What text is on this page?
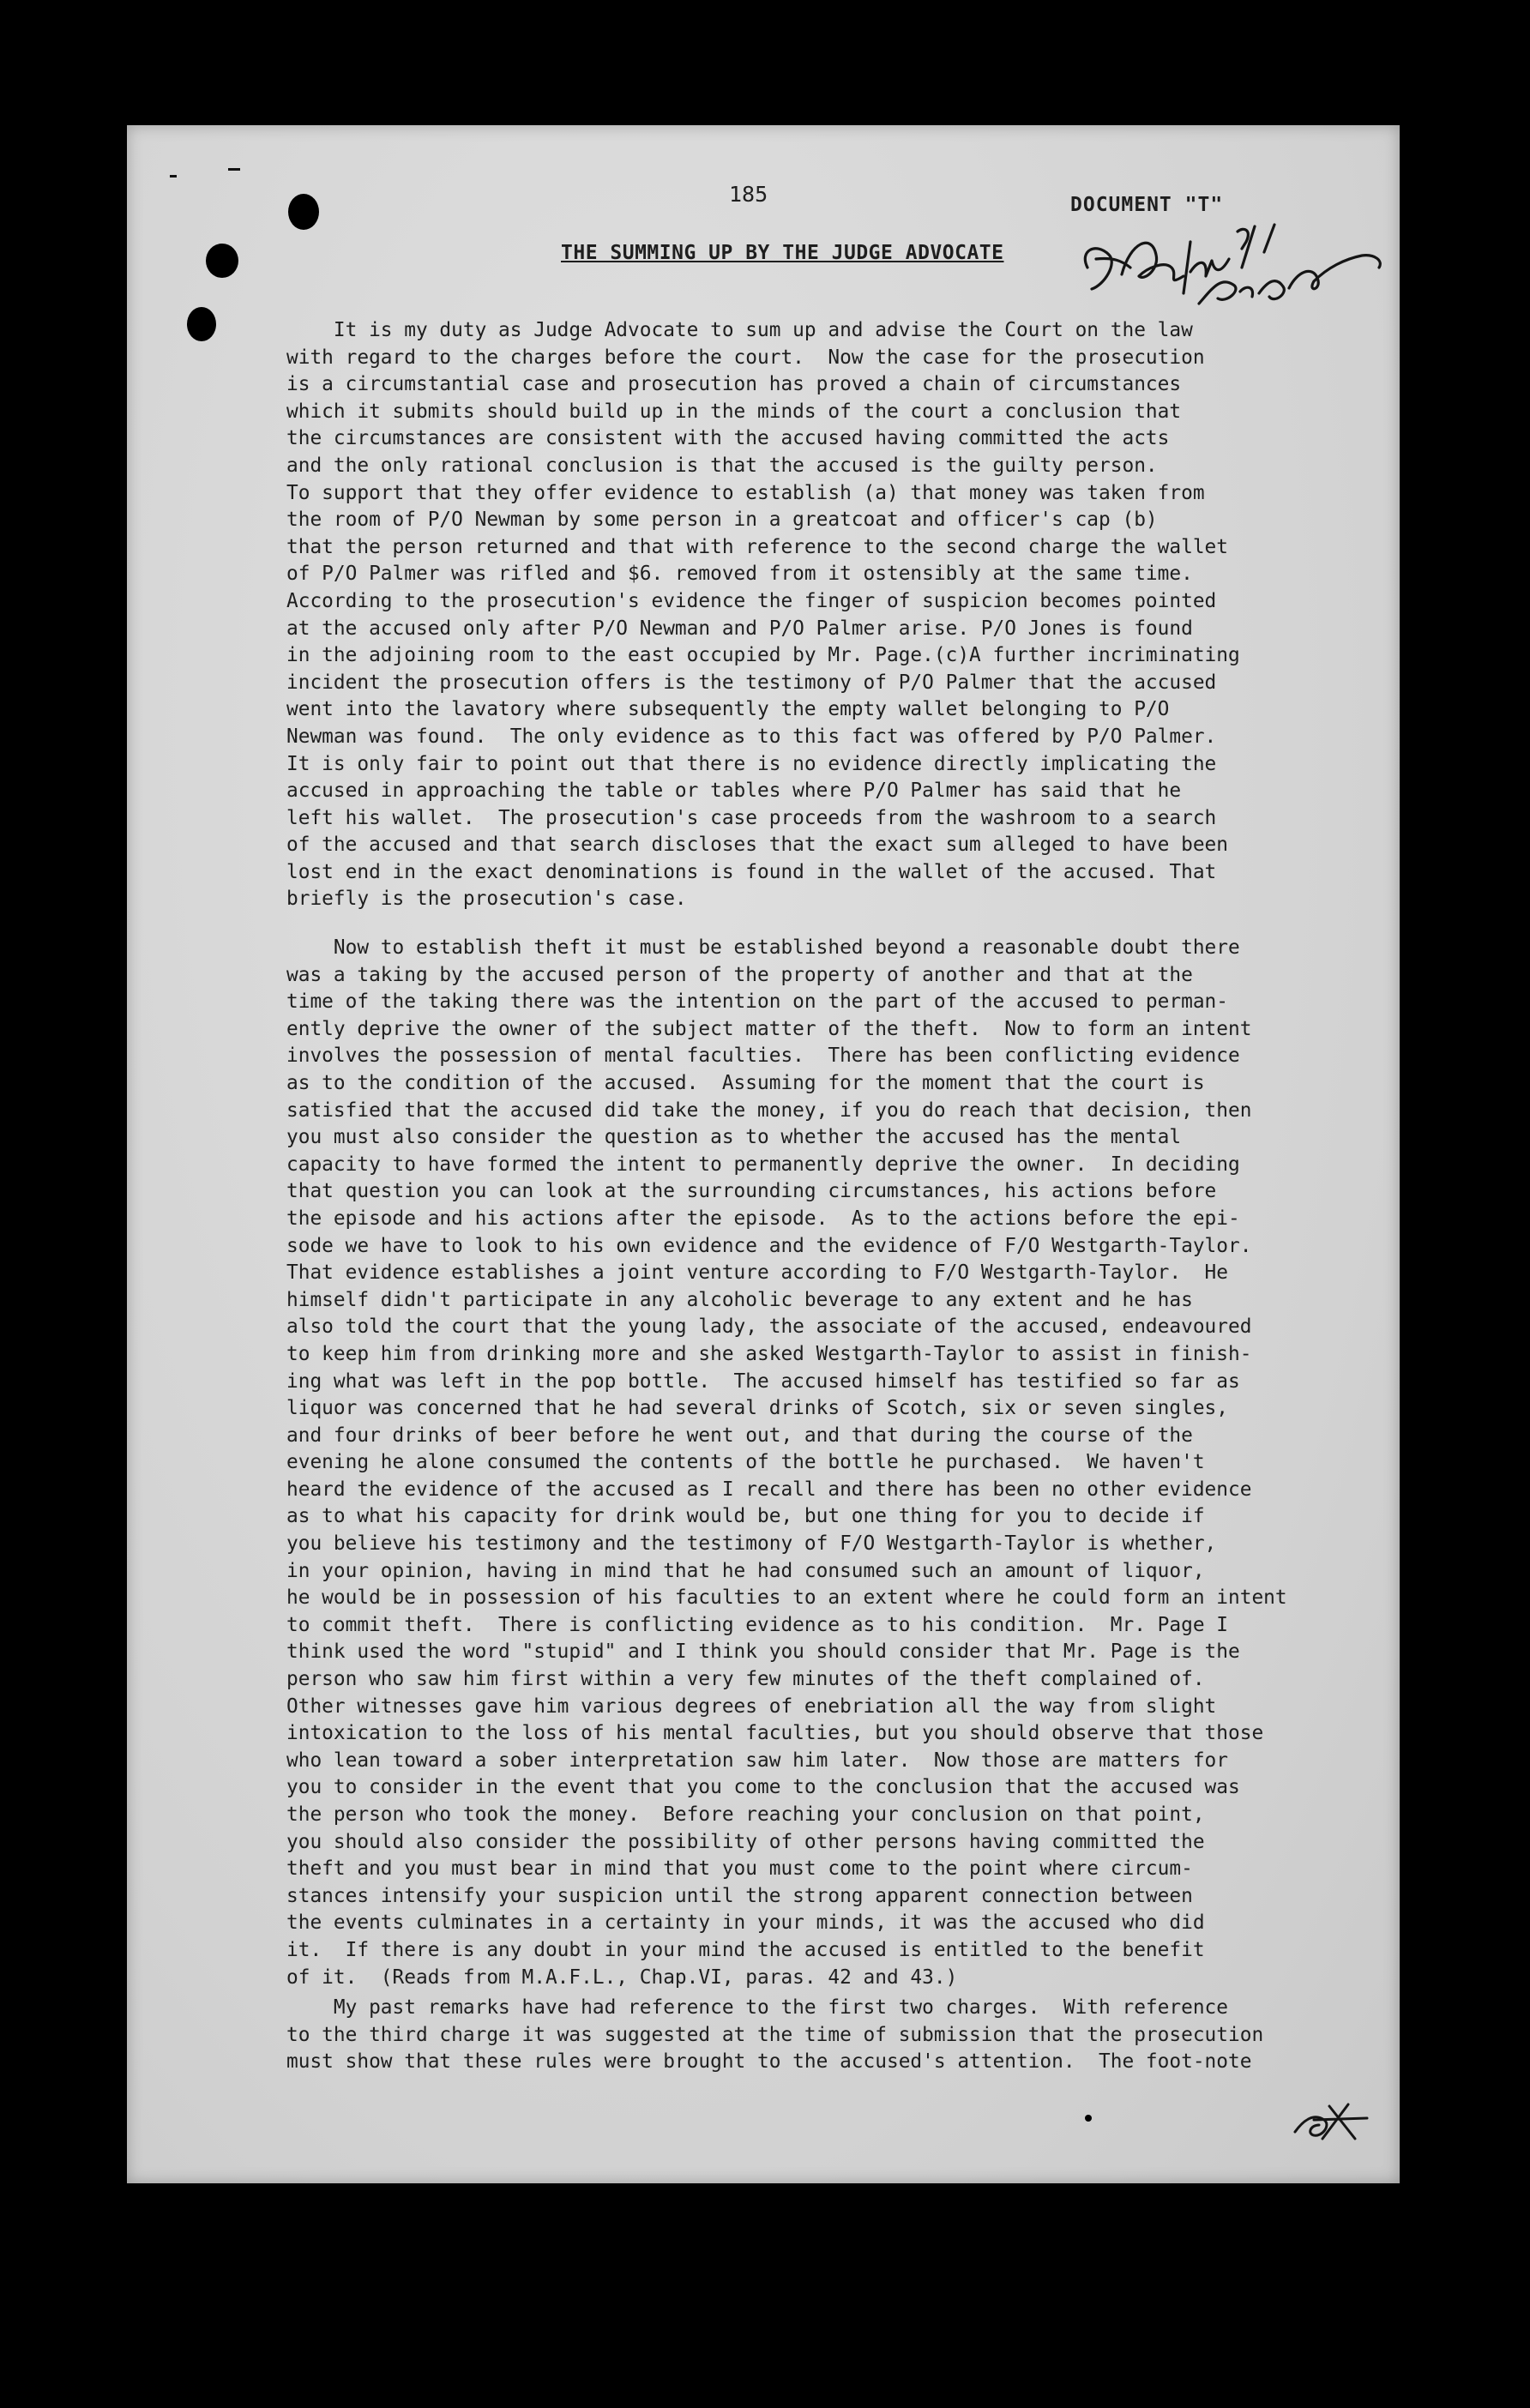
185	DOCUMENT "T"
THE SUMMING UP BY THE JUDGE ADVOCATE
It is my duty as Judge Advocate to sum up and advise the Court on the law
with regard to the charges before the court.  Now the case for the prosecution
is a circumstantial case and prosecution has proved a chain of circumstances
which it submits should build up in the minds of the court a conclusion that
the circumstances are consistent with the accused having committed the acts
and the only rational conclusion is that the accused is the guilty person.
To support that they offer evidence to establish (a) that money was taken from
the room of P/O Newman by some person in a greatcoat and officer's cap (b)
that the person returned and that with reference to the second charge the wallet
of P/O Palmer was rifled and $6. removed from it ostensibly at the same time.
According to the prosecution's evidence the finger of suspicion becomes pointed
at the accused only after P/O Newman and P/O Palmer arise. P/O Jones is found
in the adjoining room to the east occupied by Mr. Page.(c)A further incriminating
incident the prosecution offers is the testimony of P/O Palmer that the accused
went into the lavatory where subsequently the empty wallet belonging to P/O
Newman was found.  The only evidence as to this fact was offered by P/O Palmer.
It is only fair to point out that there is no evidence directly implicating the
accused in approaching the table or tables where P/O Palmer has said that he
left his wallet.  The prosecution's case proceeds from the washroom to a search
of the accused and that search discloses that the exact sum alleged to have been
lost end in the exact denominations is found in the wallet of the accused. That
briefly is the prosecution's case.
Now to establish theft it must be established beyond a reasonable doubt there
was a taking by the accused person of the property of another and that at the
time of the taking there was the intention on the part of the accused to perman-
ently deprive the owner of the subject matter of the theft.  Now to form an intent
involves the possession of mental faculties.  There has been conflicting evidence
as to the condition of the accused.  Assuming for the moment that the court is
satisfied that the accused did take the money, if you do reach that decision, then
you must also consider the question as to whether the accused has the mental
capacity to have formed the intent to permanently deprive the owner.  In deciding
that question you can look at the surrounding circumstances, his actions before
the episode and his actions after the episode.  As to the actions before the epi-
sode we have to look to his own evidence and the evidence of F/O Westgarth-Taylor.
That evidence establishes a joint venture according to F/O Westgarth-Taylor.  He
himself didn't participate in any alcoholic beverage to any extent and he has
also told the court that the young lady, the associate of the accused, endeavoured
to keep him from drinking more and she asked Westgarth-Taylor to assist in finish-
ing what was left in the pop bottle.  The accused himself has testified so far as
liquor was concerned that he had several drinks of Scotch, six or seven singles,
and four drinks of beer before he went out, and that during the course of the
evening he alone consumed the contents of the bottle he purchased.  We haven't
heard the evidence of the accused as I recall and there has been no other evidence
as to what his capacity for drink would be, but one thing for you to decide if
you believe his testimony and the testimony of F/O Westgarth-Taylor is whether,
in your opinion, having in mind that he had consumed such an amount of liquor,
he would be in possession of his faculties to an extent where he could form an intent
to commit theft.  There is conflicting evidence as to his condition.  Mr. Page I
think used the word "stupid" and I think you should consider that Mr. Page is the
person who saw him first within a very few minutes of the theft complained of.
Other witnesses gave him various degrees of enebriation all the way from slight
intoxication to the loss of his mental faculties, but you should observe that those
who lean toward a sober interpretation saw him later.  Now those are matters for
you to consider in the event that you come to the conclusion that the accused was
the person who took the money.  Before reaching your conclusion on that point,
you should also consider the possibility of other persons having committed the
theft and you must bear in mind that you must come to the point where circum-
stances intensify your suspicion until the strong apparent connection between
the events culminates in a certainty in your minds, it was the accused who did
it.  If there is any doubt in your mind the accused is entitled to the benefit
of it.  (Reads from M.A.F.L., Chap.VI, paras. 42 and 43.)
My past remarks have had reference to the first two charges.  With reference
to the third charge it was suggested at the time of submission that the prosecution
must show that these rules were brought to the accused's attention.  The foot-note
